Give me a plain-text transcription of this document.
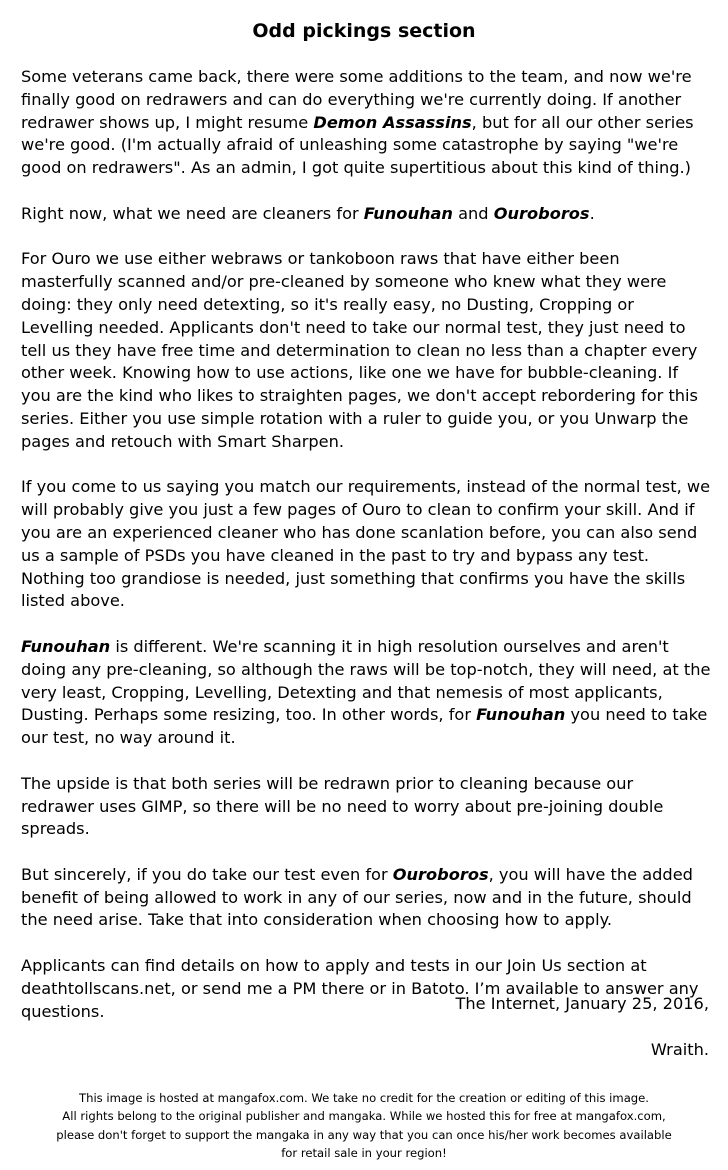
Odd pickings section

Some veterans came back, there were some additions to the team, and now we're finally good on redrawers and can do everything we're currently doing. If another redrawer shows up, I might resume Demon Assassins, but for all our other series we're good. (I'm actually afraid of unleashing some catastrophe by saying "we're good on redrawers". As an admin, I got quite supertitious about this kind of thing.)

Right now, what we need are cleaners for Funouhan and Ouroboros.

For Ouro we use either webraws or tankoboon raws that have either been masterfully scanned and/or pre-cleaned by someone who knew what they were doing: they only need detexting, so it's really easy, no Dusting, Cropping or Levelling needed. Applicants don't need to take our normal test, they just need to tell us they have free time and determination to clean no less than a chapter every other week. Knowing how to use actions, like one we have for bubble-cleaning. If you are the kind who likes to straighten pages, we don't accept rebordering for this series. Either you use simple rotation with a ruler to guide you, or you Unwarp the pages and retouch with Smart Sharpen.

If you come to us saying you match our requirements, instead of the normal test, we will probably give you just a few pages of Ouro to clean to confirm your skill. And if you are an experienced cleaner who has done scanlation before, you can also send us a sample of PSDs you have cleaned in the past to try and bypass any test. Nothing too grandiose is needed, just something that confirms you have the skills listed above.

Funouhan is different. We're scanning it in high resolution ourselves and aren't doing any pre-cleaning, so although the raws will be top-notch, they will need, at the very least, Cropping, Levelling, Detexting and that nemesis of most applicants, Dusting. Perhaps some resizing, too. In other words, for Funouhan you need to take our test, no way around it.

The upside is that both series will be redrawn prior to cleaning because our redrawer uses GIMP, so there will be no need to worry about pre-joining double spreads.

But sincerely, if you do take our test even for Ouroboros, you will have the added benefit of being allowed to work in any of our series, now and in the future, should the need arise. Take that into consideration when choosing how to apply.

Applicants can find details on how to apply and tests in our Join Us section at deathtollscans.net, or send me a PM there or in Batoto. I’m available to answer any questions.	The Internet, January 25, 2016,
Wraith.
This image is hosted at mangafox.com. We take no credit for the creation or editing of this image.
All rights belong to the original publisher and mangaka. While we hosted this for free at mangafox.com,
please don't forget to support the mangaka in any way that you can once his/her work becomes available
for retail sale in your region!
